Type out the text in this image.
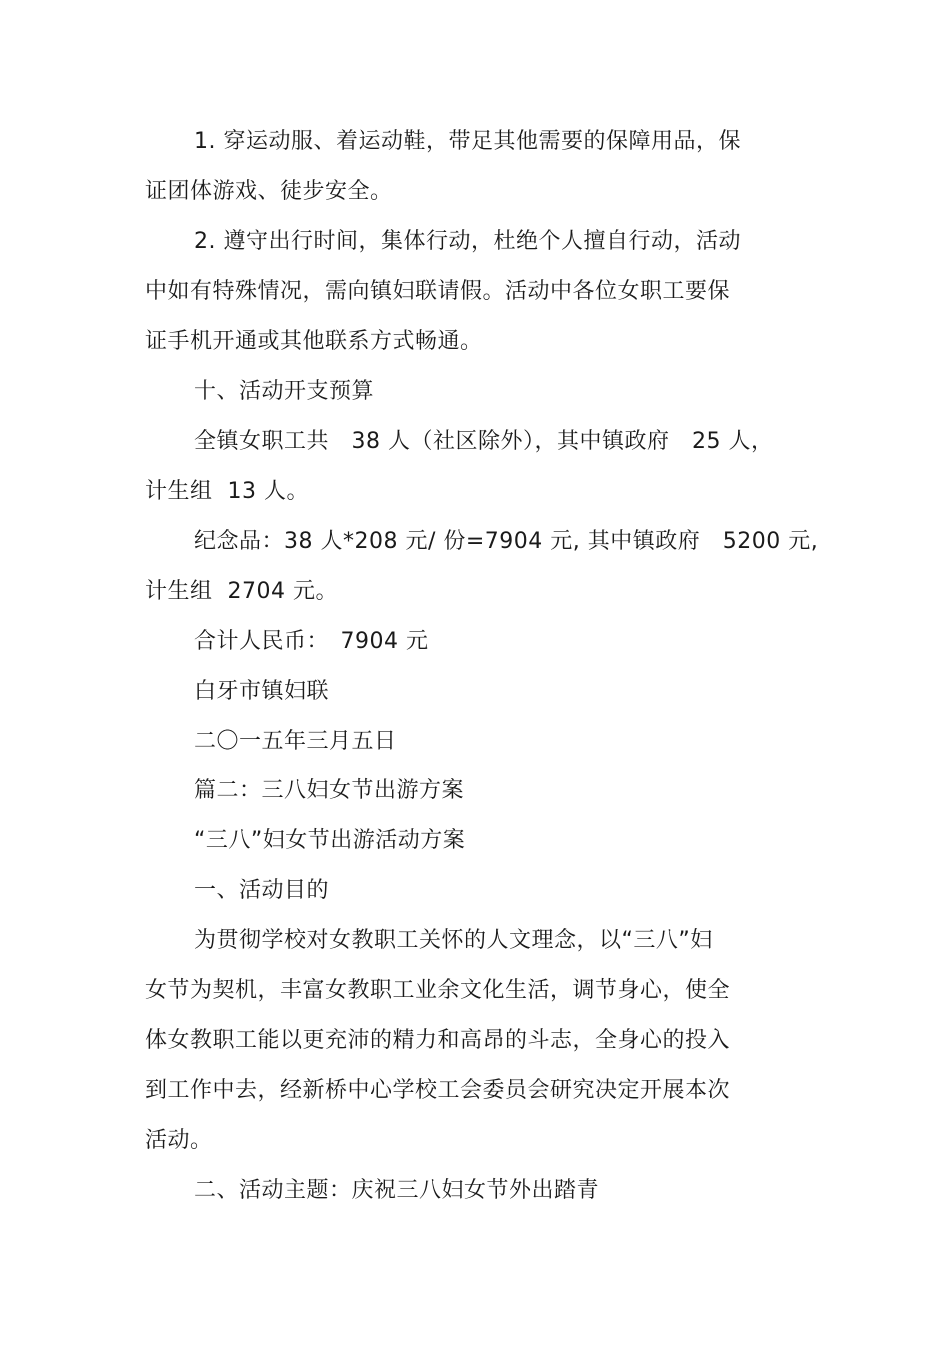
1. 穿运动服、着运动鞋，带足其他需要的保障用品，保
证团体游戏、徒步安全。
2. 遵守出行时间，集体行动，杜绝个人擅自行动，活动
中如有特殊情况，需向镇妇联请假。活动中各位女职工要保
证手机开通或其他联系方式畅通。
十、活动开支预算
全镇女职工共　38 人（社区除外），其中镇政府　25 人，
计生组  13 人。
纪念品：38 人*208 元/ 份=7904 元, 其中镇政府　5200 元,
计生组  2704 元。
合计人民币：　7904 元
白牙市镇妇联
二〇一五年三月五日
篇二：三八妇女节出游方案
“三八”妇女节出游活动方案
一、活动目的
为贯彻学校对女教职工关怀的人文理念，以“三八”妇
女节为契机，丰富女教职工业余文化生活，调节身心，使全
体女教职工能以更充沛的精力和高昂的斗志，全身心的投入
到工作中去，经新桥中心学校工会委员会研究决定开展本次
活动。
二、活动主题：庆祝三八妇女节外出踏青
